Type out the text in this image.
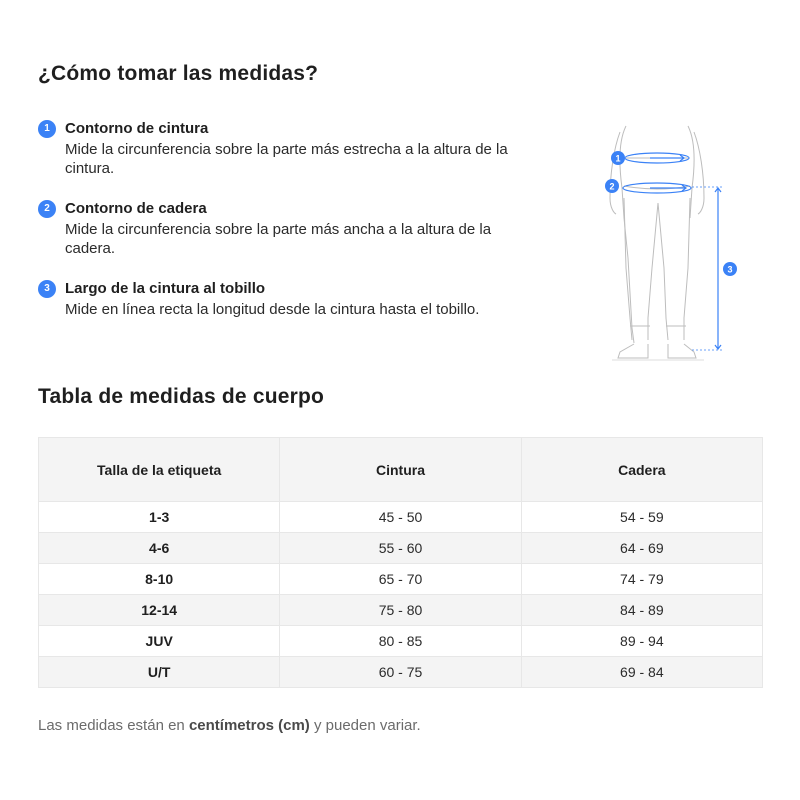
¿Cómo tomar las medidas?
1	Contorno de cintura
Mide la circunferencia sobre la parte más estrecha a la altura de la cintura.
2	Contorno de cadera
Mide la circunferencia sobre la parte más ancha a la altura de la cadera.
3	Largo de la cintura al tobillo
Mide en línea recta la longitud desde la cintura hasta el tobillo.
1
2
3
Tabla de medidas de cuerpo
Talla de la etiqueta	Cintura	Cadera
1-3	45 - 50	54 - 59
4-6	55 - 60	64 - 69
8-10	65 - 70	74 - 79
12-14	75 - 80	84 - 89
JUV	80 - 85	89 - 94
U/T	60 - 75	69 - 84

Las medidas están en centímetros (cm) y pueden variar.
